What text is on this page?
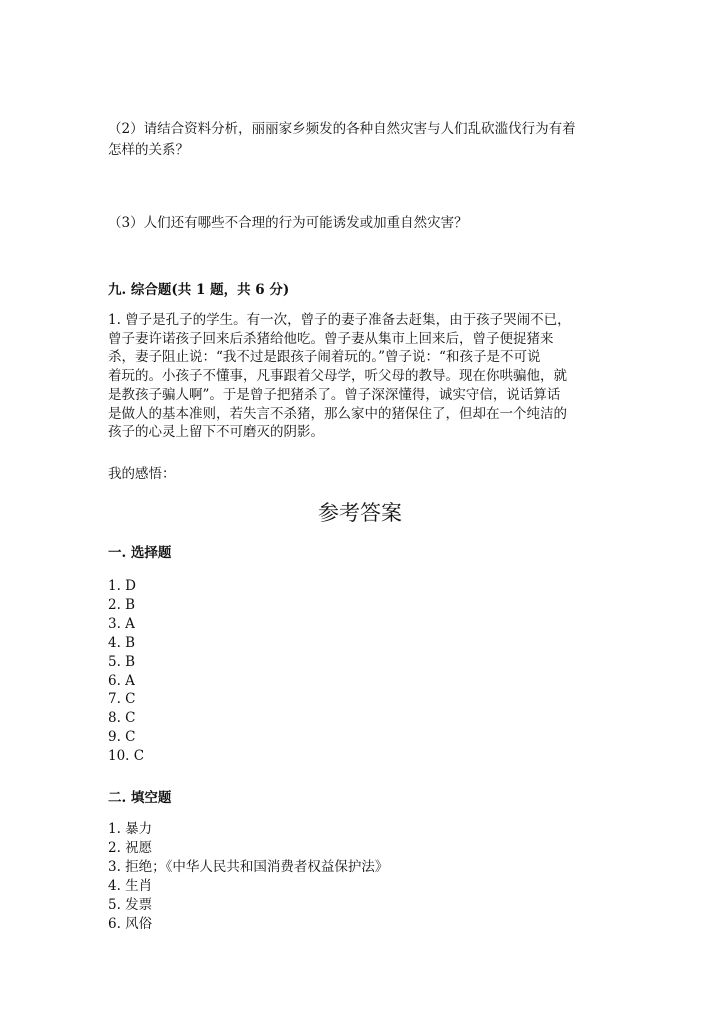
（2）请结合资料分析，丽丽家乡频发的各种自然灾害与人们乱砍滥伐行为有着
怎样的关系？
（3）人们还有哪些不合理的行为可能诱发或加重自然灾害？
九. 综合题(共 1 题，共 6 分)
1. 曾子是孔子的学生。有一次，曾子的妻子准备去赶集，由于孩子哭闹不已，
曾子妻许诺孩子回来后杀猪给他吃。曾子妻从集市上回来后，曾子便捉猪来
杀，妻子阻止说：“我不过是跟孩子闹着玩的。”曾子说：“和孩子是不可说
着玩的。小孩子不懂事，凡事跟着父母学，听父母的教导。现在你哄骗他，就
是教孩子骗人啊”。于是曾子把猪杀了。曾子深深懂得，诚实守信，说话算话
是做人的基本准则，若失言不杀猪，那么家中的猪保住了，但却在一个纯洁的
孩子的心灵上留下不可磨灭的阴影。
我的感悟：
参考答案
一. 选择题
1. D
2. B
3. A
4. B
5. B
6. A
7. C
8. C
9. C
10. C
二. 填空题
1. 暴力
2. 祝愿
3. 拒绝；《中华人民共和国消费者权益保护法》
4. 生肖
5. 发票
6. 风俗
